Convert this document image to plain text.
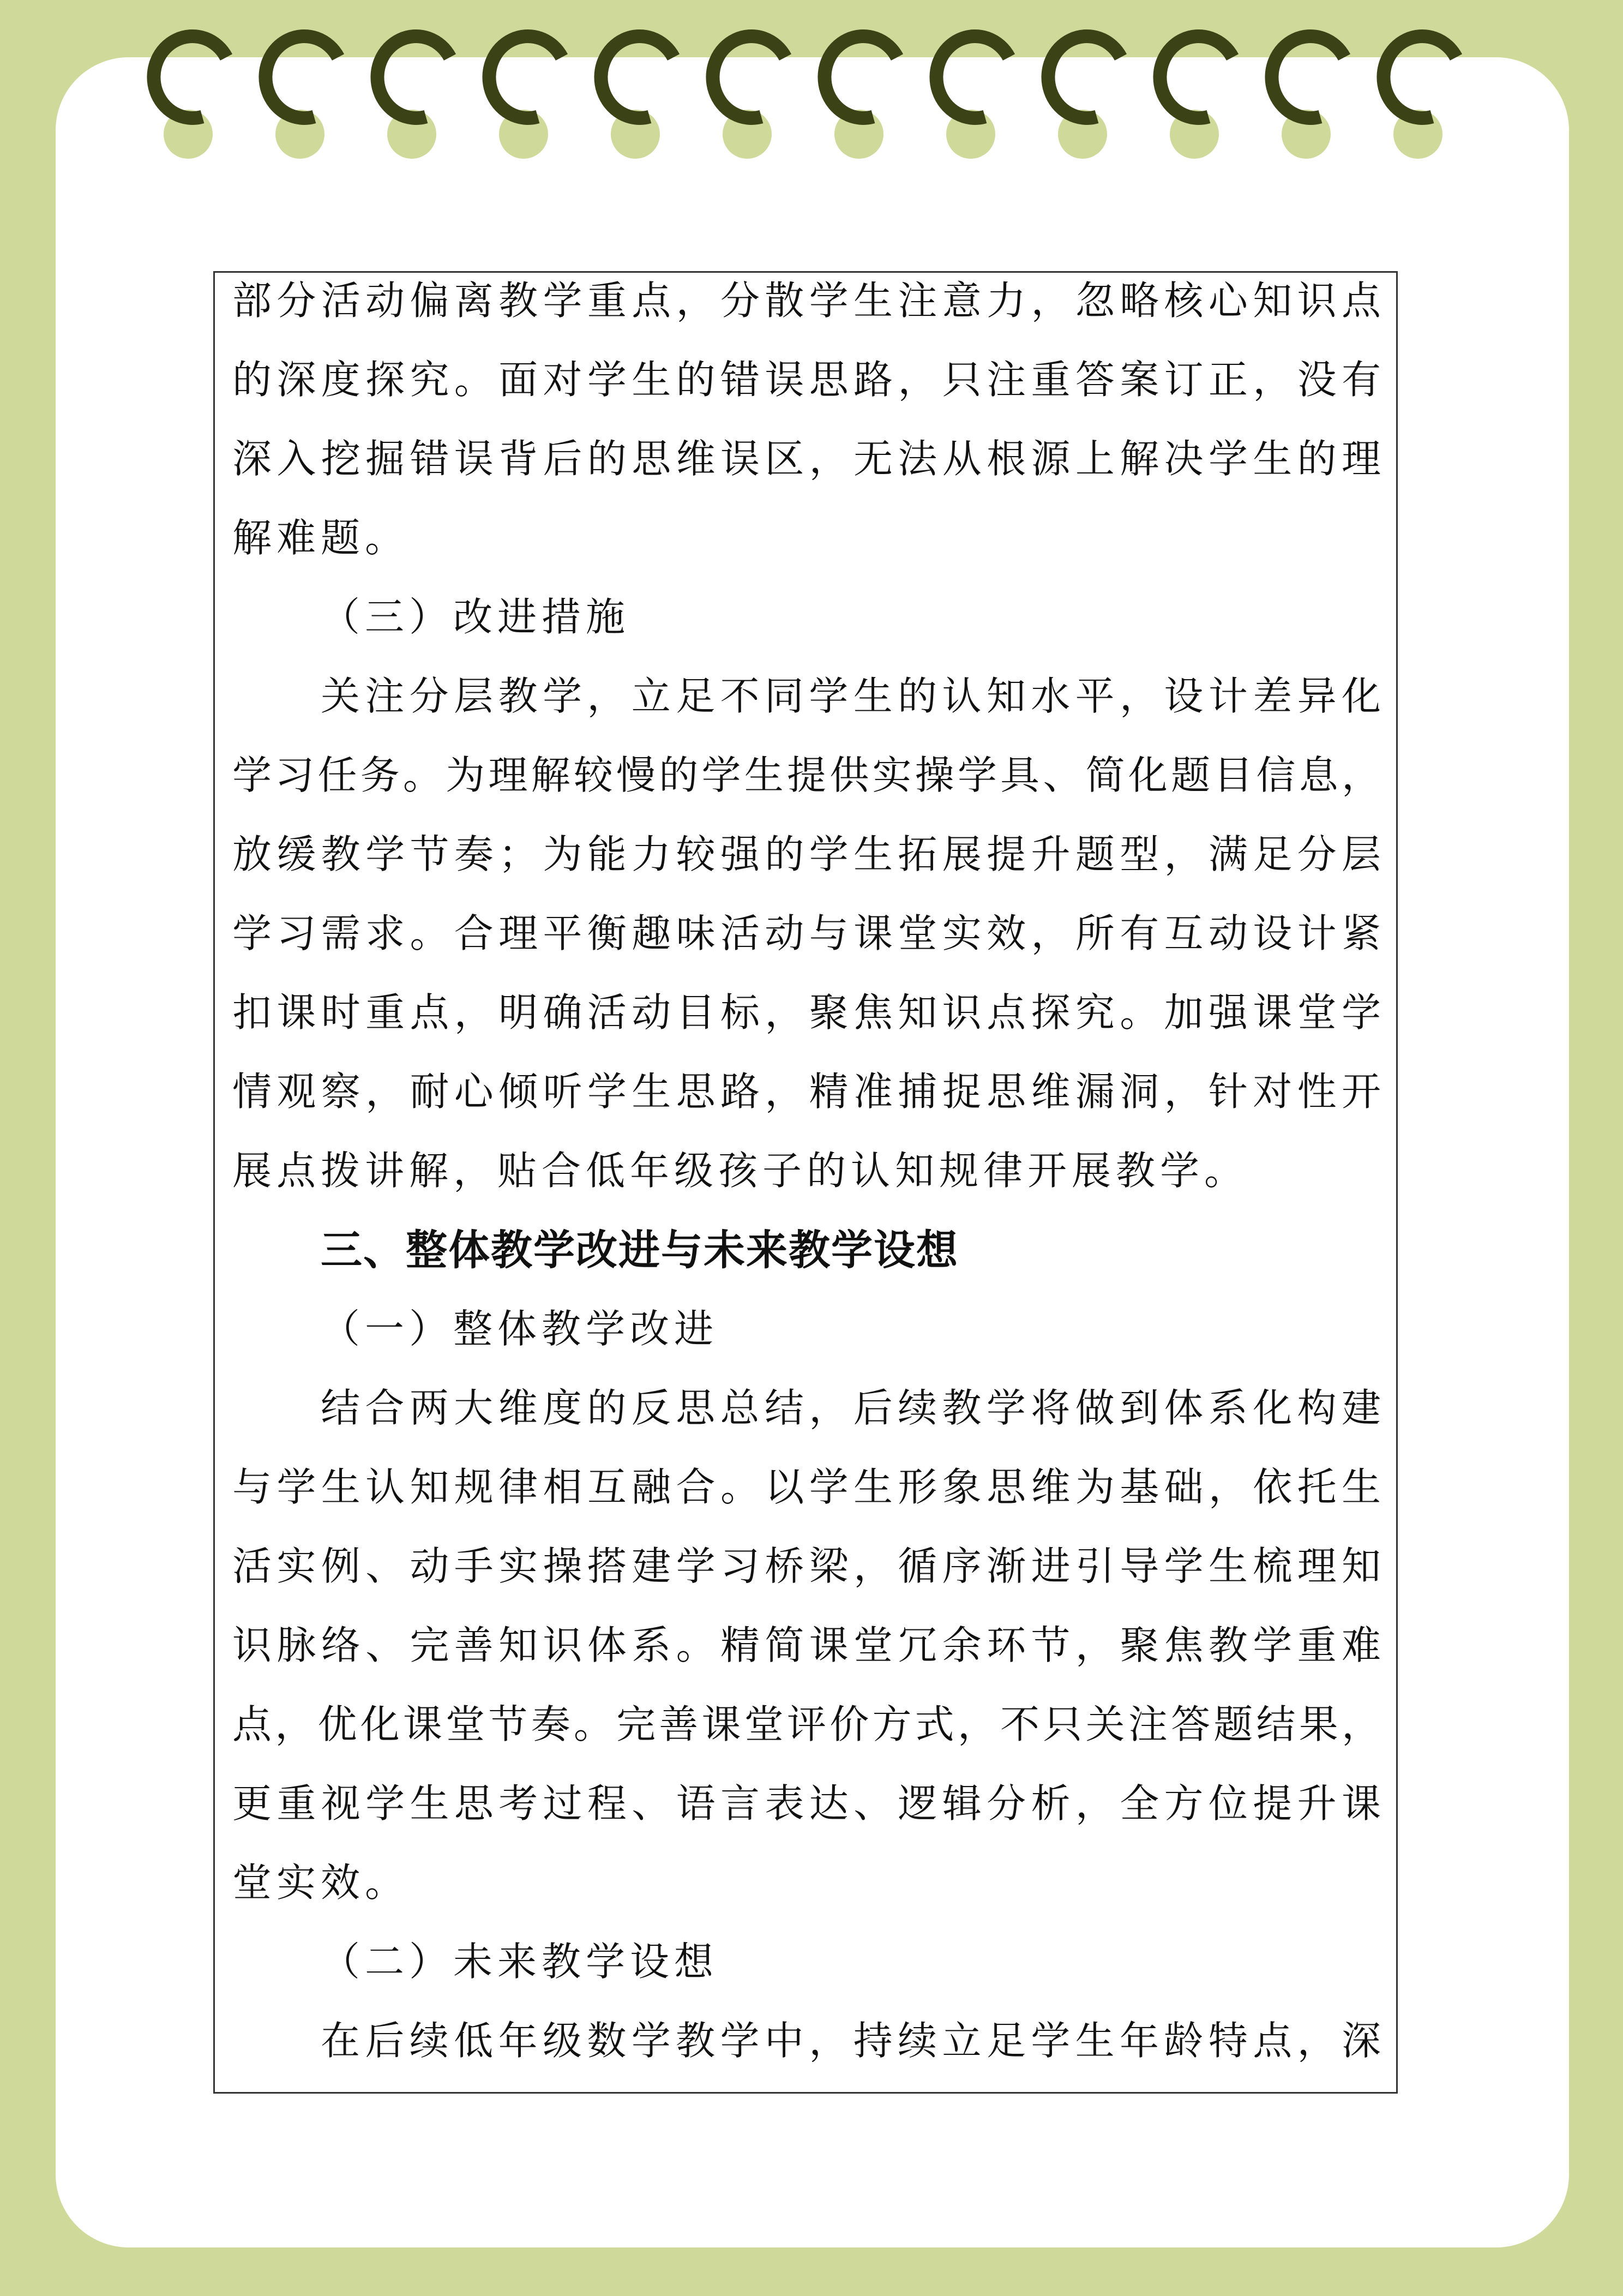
部分活动偏离教学重点，分散学生注意力，忽略核心知识点
的深度探究。面对学生的错误思路，只注重答案订正，没有
深入挖掘错误背后的思维误区，无法从根源上解决学生的理
解难题。
（三）改进措施
关注分层教学，立足不同学生的认知水平，设计差异化
学习任务。为理解较慢的学生提供实操学具、简化题目信息，
放缓教学节奏；为能力较强的学生拓展提升题型，满足分层
学习需求。合理平衡趣味活动与课堂实效，所有互动设计紧
扣课时重点，明确活动目标，聚焦知识点探究。加强课堂学
情观察，耐心倾听学生思路，精准捕捉思维漏洞，针对性开
展点拨讲解，贴合低年级孩子的认知规律开展教学。
三、整体教学改进与未来教学设想
（一）整体教学改进
结合两大维度的反思总结，后续教学将做到体系化构建
与学生认知规律相互融合。以学生形象思维为基础，依托生
活实例、动手实操搭建学习桥梁，循序渐进引导学生梳理知
识脉络、完善知识体系。精简课堂冗余环节，聚焦教学重难
点，优化课堂节奏。完善课堂评价方式，不只关注答题结果，
更重视学生思考过程、语言表达、逻辑分析，全方位提升课
堂实效。
（二）未来教学设想
在后续低年级数学教学中，持续立足学生年龄特点，深
